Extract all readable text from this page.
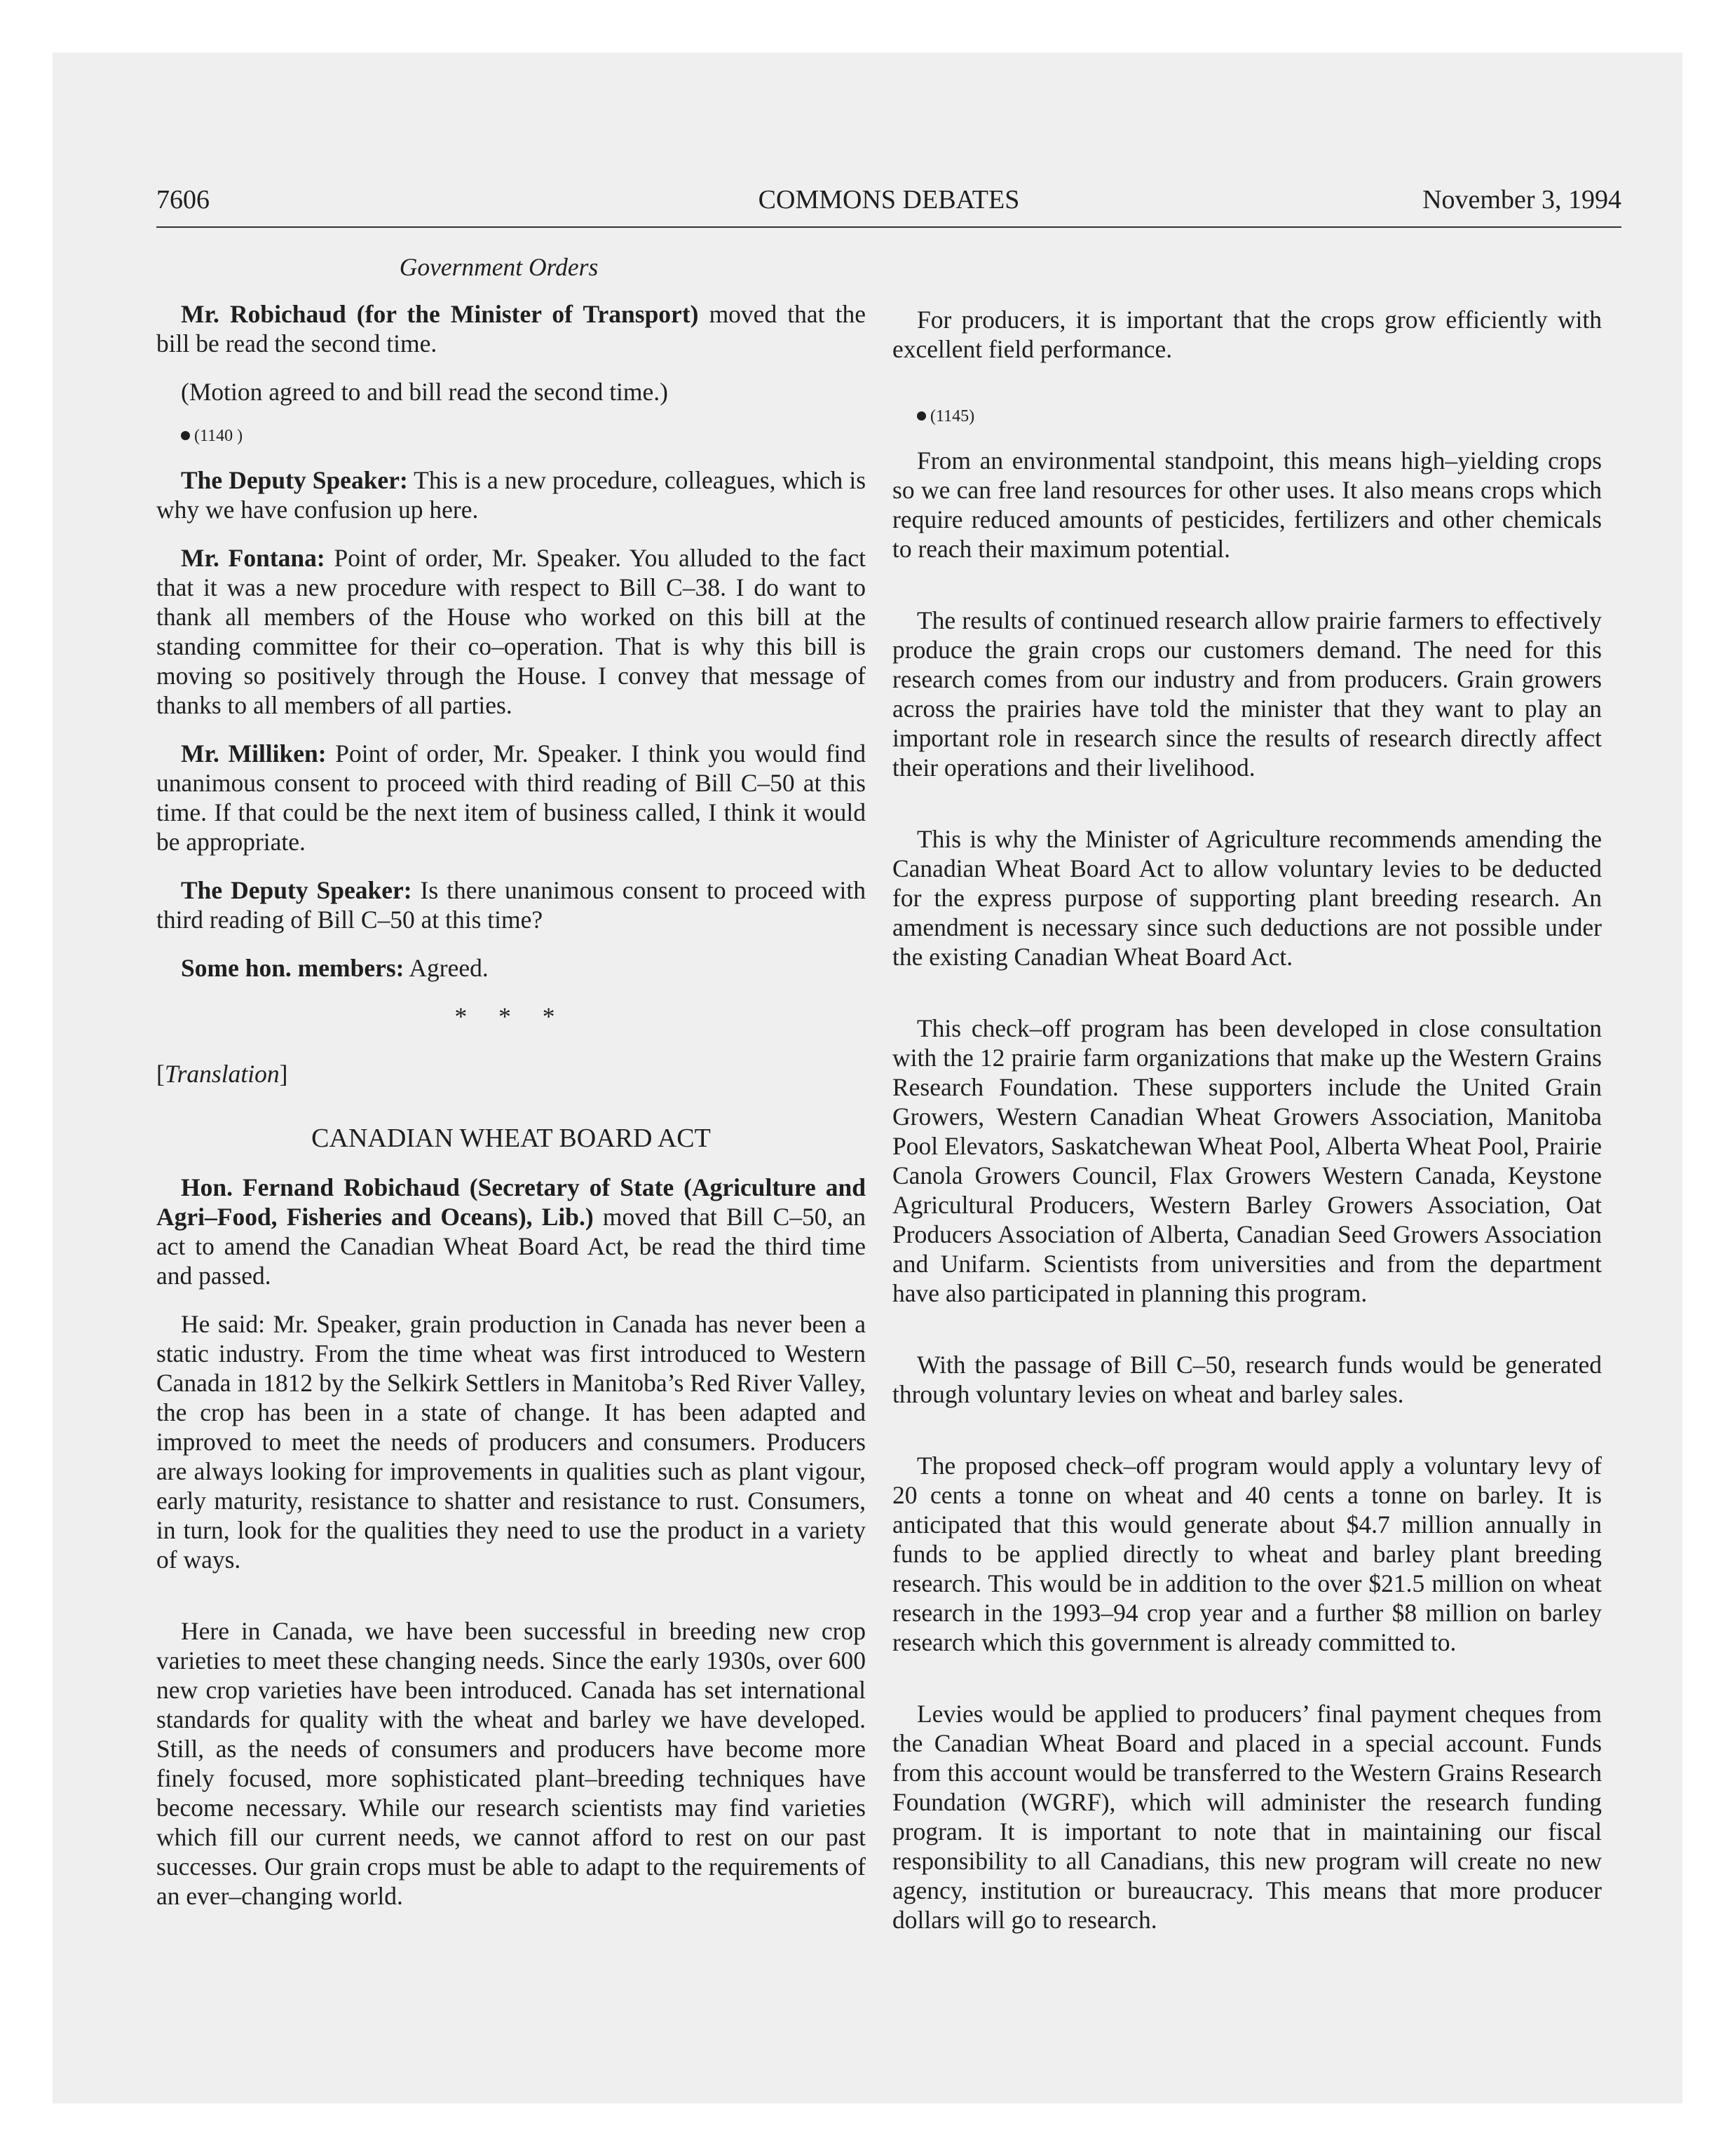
7606	COMMONS DEBATES	November 3, 1994
Government Orders

Mr. Robichaud (for the Minister of Transport) moved that the bill be read the second time.

(Motion agreed to and bill read the second time.)

(1140 )

The Deputy Speaker: This is a new procedure, colleagues, which is why we have confusion up here.

Mr. Fontana: Point of order, Mr. Speaker. You alluded to the fact that it was a new procedure with respect to Bill C–38. I do want to thank all members of the House who worked on this bill at the standing committee for their co–operation. That is why this bill is moving so positively through the House. I convey that message of thanks to all members of all parties.

Mr. Milliken: Point of order, Mr. Speaker. I think you would find unanimous consent to proceed with third reading of Bill C–50 at this time. If that could be the next item of business called, I think it would be appropriate.

The Deputy Speaker: Is there unanimous consent to proceed with third reading of Bill C–50 at this time?

Some hon. members: Agreed.

* * *
[Translation]
CANADIAN WHEAT BOARD ACT

Hon. Fernand Robichaud (Secretary of State (Agriculture and Agri–Food, Fisheries and Oceans), Lib.) moved that Bill C–50, an act to amend the Canadian Wheat Board Act, be read the third time and passed.

He said: Mr. Speaker, grain production in Canada has never been a static industry. From the time wheat was first introduced to Western Canada in 1812 by the Selkirk Settlers in Manitoba’s Red River Valley, the crop has been in a state of change. It has been adapted and improved to meet the needs of producers and consumers. Producers are always looking for improvements in qualities such as plant vigour, early maturity, resistance to shatter and resistance to rust. Consumers, in turn, look for the qualities they need to use the product in a variety of ways.

Here in Canada, we have been successful in breeding new crop varieties to meet these changing needs. Since the early 1930s, over 600 new crop varieties have been introduced. Canada has set international standards for quality with the wheat and barley we have developed. Still, as the needs of consumers and producers have become more finely focused, more sophisticated plant–breeding techniques have become necessary. While our research scientists may find varieties which fill our current needs, we cannot afford to rest on our past successes. Our grain crops must be able to adapt to the requirements of an ever–changing world.

For producers, it is important that the crops grow efficiently with excellent field performance.

(1145)

From an environmental standpoint, this means high–yielding crops so we can free land resources for other uses. It also means crops which require reduced amounts of pesticides, fertilizers and other chemicals to reach their maximum potential.

The results of continued research allow prairie farmers to effectively produce the grain crops our customers demand. The need for this research comes from our industry and from producers. Grain growers across the prairies have told the minister that they want to play an important role in research since the results of research directly affect their operations and their livelihood.

This is why the Minister of Agriculture recommends amending the Canadian Wheat Board Act to allow voluntary levies to be deducted for the express purpose of supporting plant breeding research. An amendment is necessary since such deductions are not possible under the existing Canadian Wheat Board Act.

This check–off program has been developed in close consultation with the 12 prairie farm organizations that make up the Western Grains Research Foundation. These supporters include the United Grain Growers, Western Canadian Wheat Growers Association, Manitoba Pool Elevators, Saskatchewan Wheat Pool, Alberta Wheat Pool, Prairie Canola Growers Council, Flax Growers Western Canada, Keystone Agricultural Producers, Western Barley Growers Association, Oat Producers Association of Alberta, Canadian Seed Growers Association and Unifarm. Scientists from universities and from the department have also participated in planning this program.

With the passage of Bill C–50, research funds would be generated through voluntary levies on wheat and barley sales.

The proposed check–off program would apply a voluntary levy of 20 cents a tonne on wheat and 40 cents a tonne on barley. It is anticipated that this would generate about $4.7 million annually in funds to be applied directly to wheat and barley plant breeding research. This would be in addition to the over $21.5 million on wheat research in the 1993–94 crop year and a further $8 million on barley research which this government is already committed to.

Levies would be applied to producers’ final payment cheques from the Canadian Wheat Board and placed in a special account. Funds from this account would be transferred to the Western Grains Research Foundation (WGRF), which will administer the research funding program. It is important to note that in maintaining our fiscal responsibility to all Canadians, this new program will create no new agency, institution or bureaucracy. This means that more producer dollars will go to research.
